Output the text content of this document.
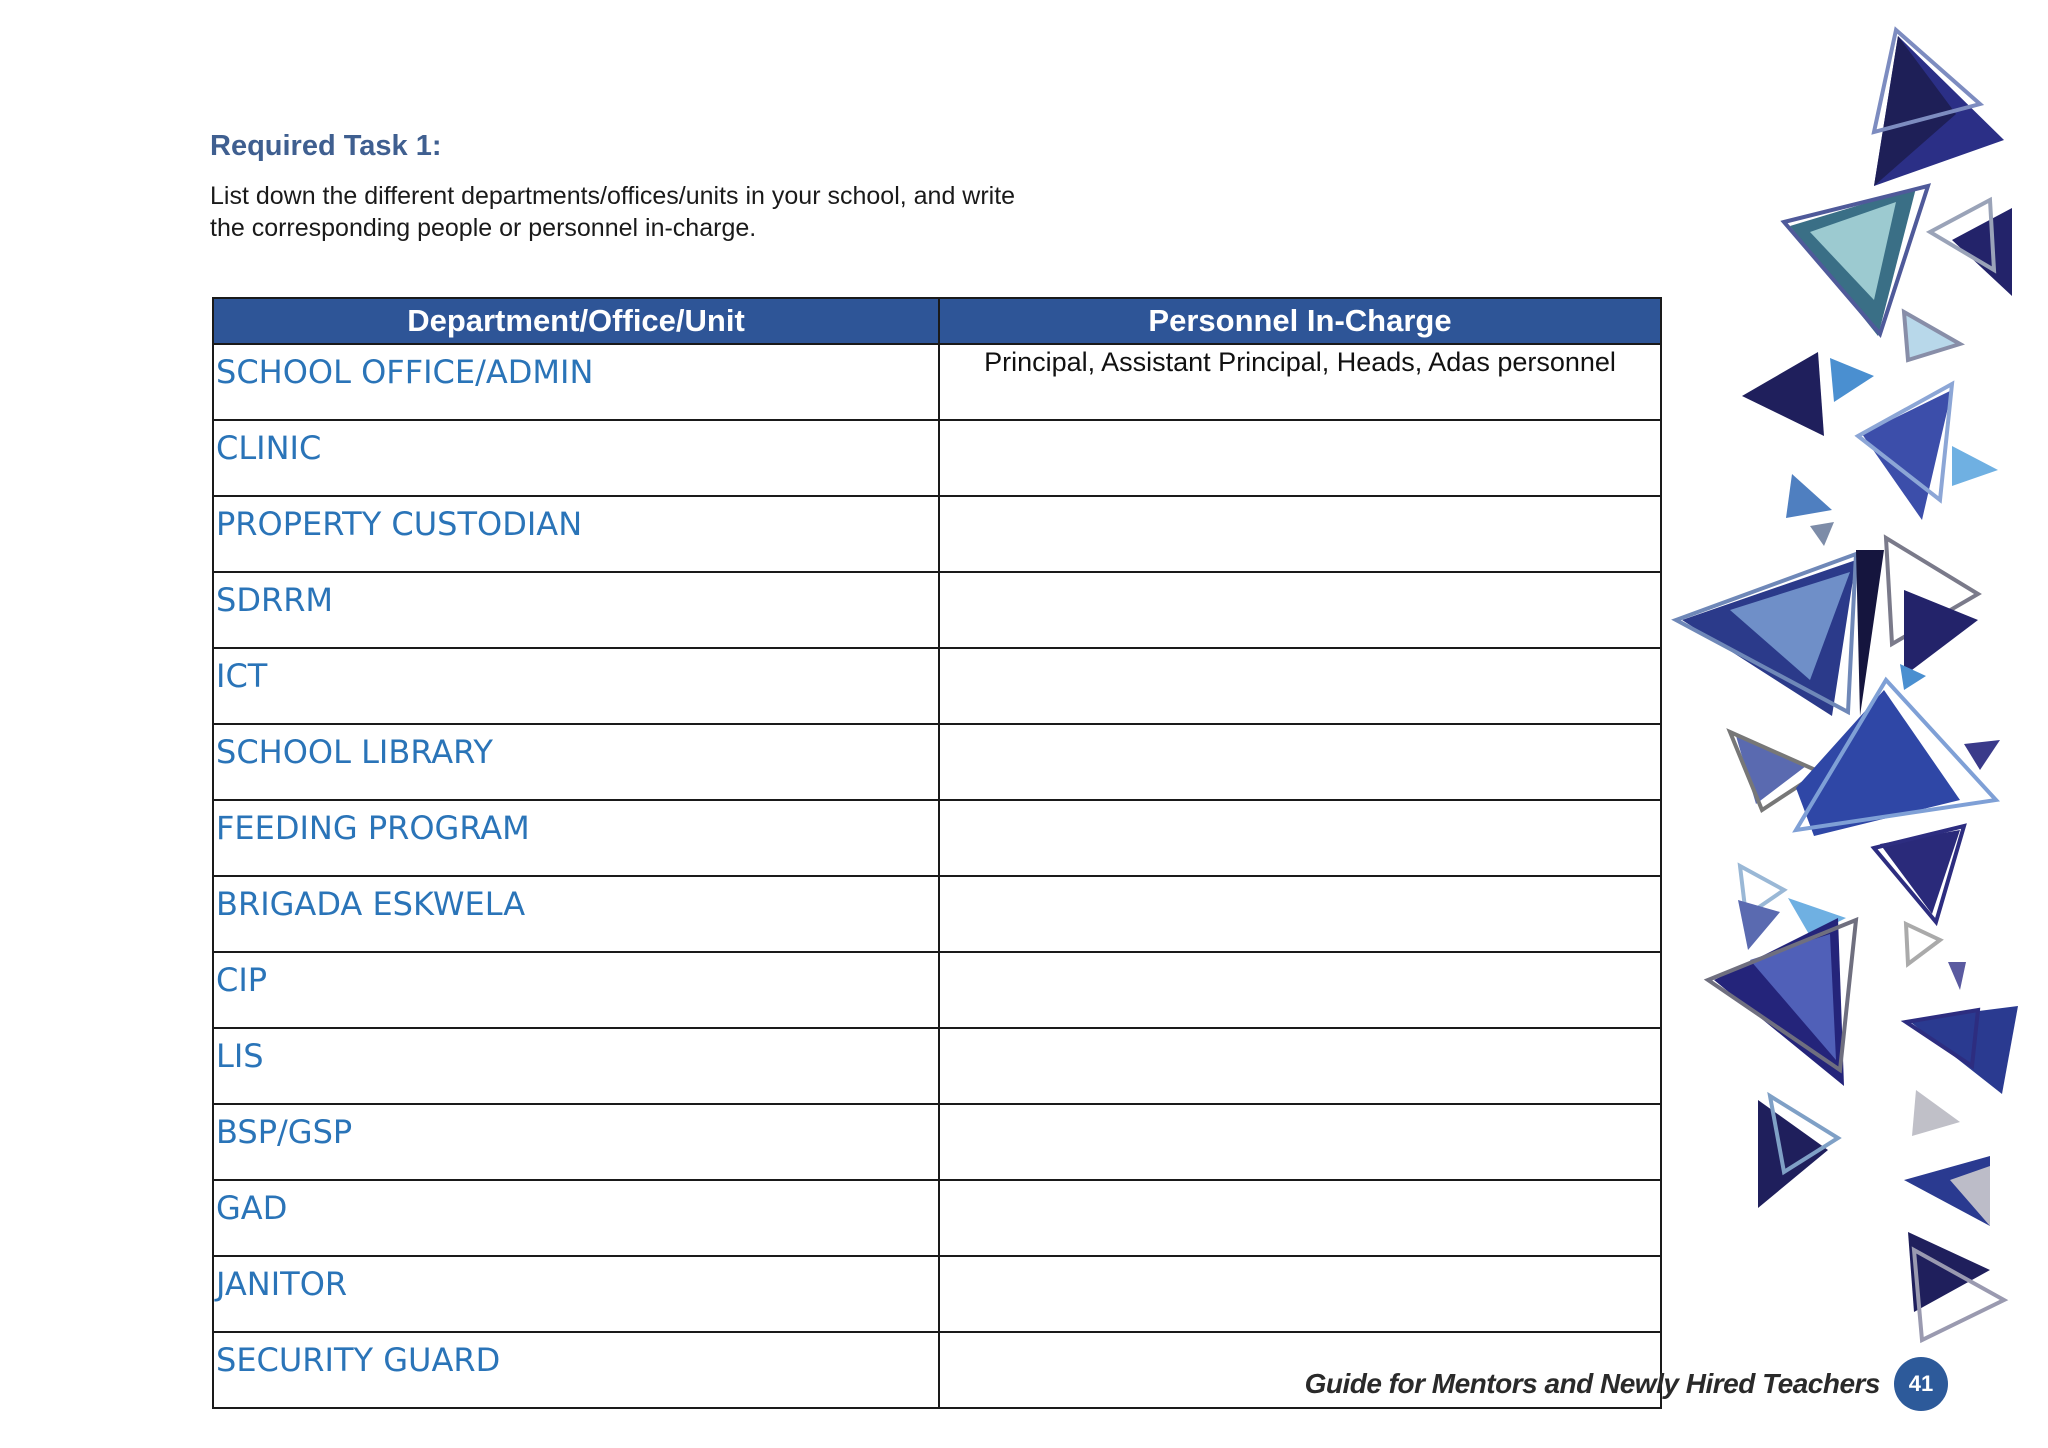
Required Task 1:
List down the different departments/offices/units in your school, and write
the corresponding people or personnel in-charge.
Department/Office/Unit	Personnel In-Charge
SCHOOL OFFICE/ADMIN	Principal, Assistant Principal, Heads, Adas personnel
CLINIC	
PROPERTY CUSTODIAN	
SDRRM	
ICT	
SCHOOL LIBRARY	
FEEDING PROGRAM	
BRIGADA ESKWELA	
CIP	
LIS	
BSP/GSP	
GAD	
JANITOR	
SECURITY GUARD	
Guide for Mentors and Newly Hired Teachers	41
